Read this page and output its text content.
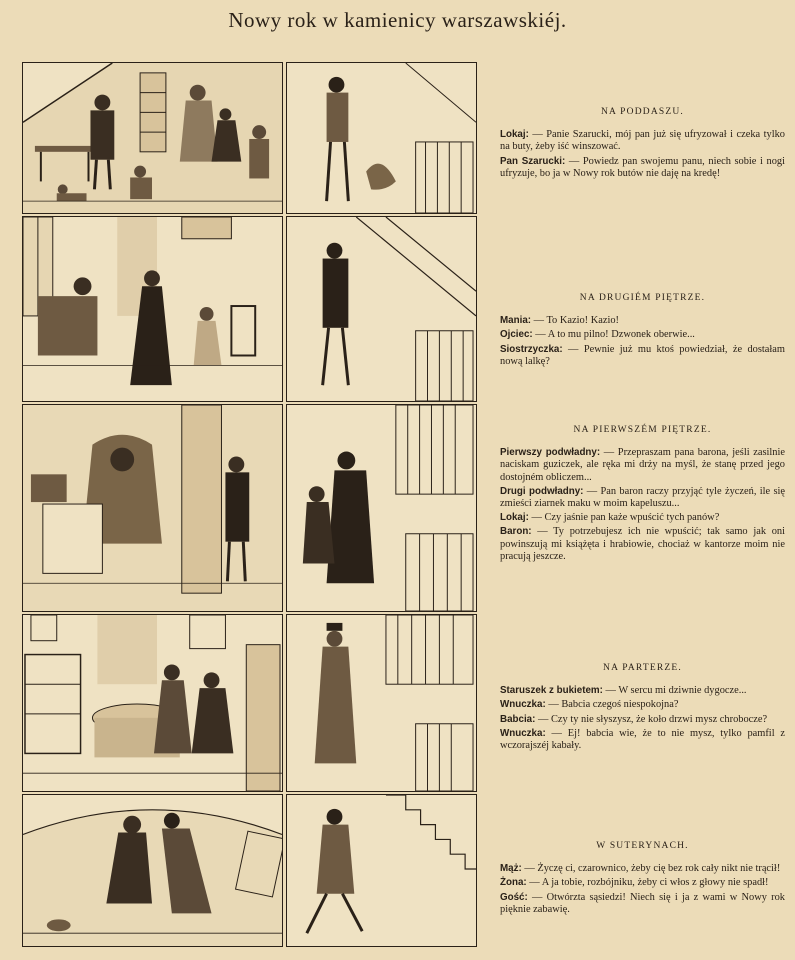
Nowy rok w kamienicy warszawskiéj.
NA PODDASZU.
Lokaj: — Panie Szarucki, mój pan już się ufryzował i czeka tylko na buty, żeby iść winszować.
Pan Szarucki: — Powiedz pan swojemu panu, niech sobie i nogi ufryzuje, bo ja w Nowy rok butów nie daję na kredę!
NA DRUGIÉM PIĘTRZE.
Mania: — To Kazio! Kazio!
Ojciec: — A to mu pilno! Dzwonek oberwie...
Siostrzyczka: — Pewnie już mu ktoś powiedział, że dostałam nową lalkę?
NA PIERWSZÉM PIĘTRZE.
Pierwszy podwładny: — Przepraszam pana barona, jeśli zasilnie naciskam guziczek, ale ręka mi drży na myśl, że stanę przed jego dostojném obliczem...
Drugi podwładny: — Pan baron raczy przyjąć tyle życzeń, ile się zmieści ziarnek maku w moim kapeluszu...
Lokaj: — Czy jaśnie pan każe wpuścić tych panów?
Baron: — Ty potrzebujesz ich nie wpuścić; tak samo jak oni powinszują mi książęta i hrabiowie, chociaż w kantorze moim nie pracują jeszcze.
NA PARTERZE.
Staruszek z bukietem: — W sercu mi dziwnie dygocze...
Wnuczka: — Babcia czegoś niespokojna?
Babcia: — Czy ty nie słyszysz, że koło drzwi mysz chrobocze?
Wnuczka: — Ej! babcia wie, że to nie mysz, tylko pamfil z wczorajszéj kabały.
W SUTERYNACH.
Mąż: — Życzę ci, czarownico, żeby cię bez rok cały nikt nie trącił!
Żona: — A ja tobie, rozbójniku, żeby ci włos z głowy nie spadł!
Gość: — Otwórzta sąsiedzi! Niech się i ja z wami w Nowy rok pięknie zabawię.
